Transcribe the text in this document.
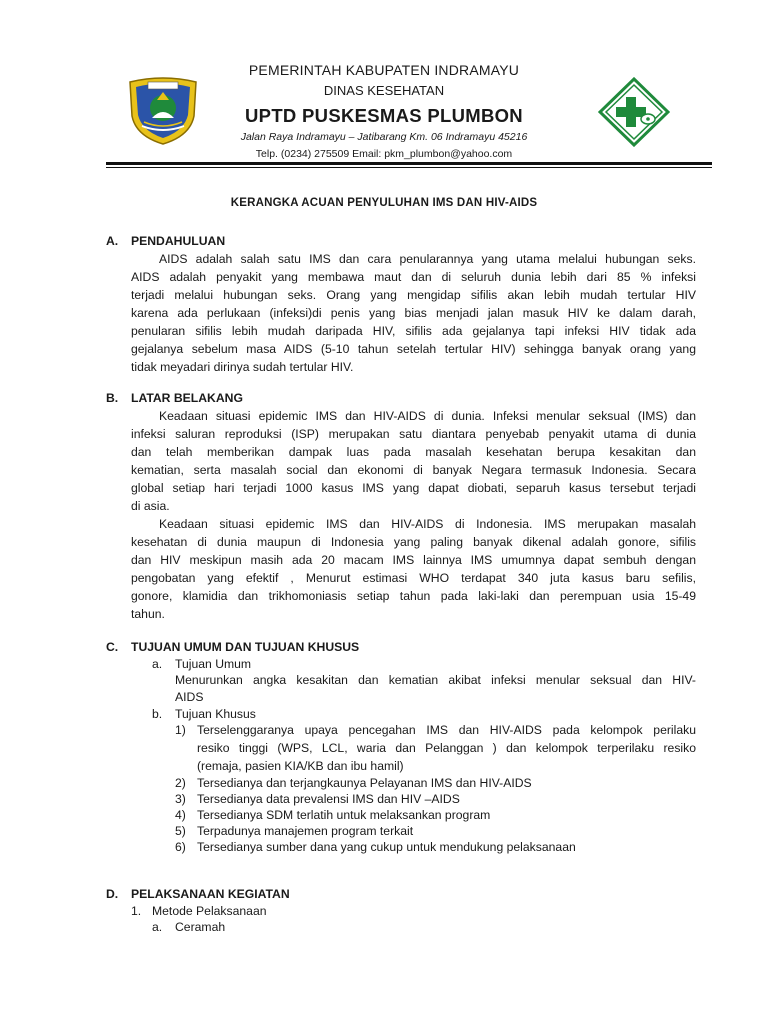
PEMERINTAH KABUPATEN INDRAMAYU
DINAS KESEHATAN
UPTD PUSKESMAS PLUMBON
Jalan Raya Indramayu – Jatibarang Km. 06 Indramayu 45216
Telp. (0234) 275509 Email: pkm_plumbon@yahoo.com
KERANGKA ACUAN PENYULUHAN IMS DAN HIV-AIDS
A. PENDAHULUAN
AIDS adalah salah satu IMS dan cara penularannya yang utama melalui hubungan seks.
AIDS adalah penyakit yang membawa maut dan di seluruh dunia lebih dari 85 % infeksi
terjadi melalui hubungan seks. Orang yang mengidap sifilis akan lebih mudah tertular HIV
karena ada perlukaan (infeksi)di penis yang bias menjadi jalan masuk HIV ke dalam darah,
penularan sifilis lebih mudah daripada HIV, sifilis ada gejalanya tapi infeksi HIV tidak ada
gejalanya sebelum masa AIDS (5-10 tahun setelah tertular HIV) sehingga banyak orang yang
tidak meyadari dirinya sudah tertular HIV.
B. LATAR BELAKANG
Keadaan situasi epidemic IMS dan HIV-AIDS di dunia. Infeksi menular seksual (IMS) dan
infeksi saluran reproduksi (ISP) merupakan satu diantara penyebab penyakit utama di dunia
dan telah memberikan dampak luas pada masalah kesehatan berupa kesakitan dan
kematian, serta masalah social dan ekonomi di banyak Negara termasuk Indonesia. Secara
global setiap hari terjadi 1000 kasus IMS yang dapat diobati, separuh kasus tersebut terjadi
di asia.
Keadaan situasi epidemic IMS dan HIV-AIDS di Indonesia. IMS merupakan masalah
kesehatan di dunia maupun di Indonesia yang paling banyak dikenal adalah gonore, sifilis
dan HIV meskipun masih ada 20 macam IMS lainnya IMS umumnya dapat sembuh dengan
pengobatan yang efektif , Menurut estimasi WHO terdapat 340 juta kasus baru sefilis,
gonore, klamidia dan trikhomoniasis setiap tahun pada laki-laki dan perempuan usia 15-49
tahun.
C. TUJUAN UMUM DAN TUJUAN KHUSUS
a. Tujuan Umum
Menurunkan angka kesakitan dan kematian akibat infeksi menular seksual dan HIV-
AIDS
b. Tujuan Khusus
1) Terselenggaranya upaya pencegahan IMS dan HIV-AIDS pada kelompok perilaku
resiko tinggi (WPS, LCL, waria dan Pelanggan ) dan kelompok terperilaku resiko
(remaja, pasien KIA/KB dan ibu hamil)
2) Tersedianya dan terjangkaunya Pelayanan IMS dan HIV-AIDS
3) Tersedianya data prevalensi IMS dan HIV –AIDS
4) Tersedianya SDM terlatih untuk melaksankan program
5) Terpadunya manajemen program terkait
6) Tersedianya sumber dana yang cukup untuk mendukung pelaksanaan
D. PELAKSANAAN KEGIATAN
1. Metode Pelaksanaan
a. Ceramah
